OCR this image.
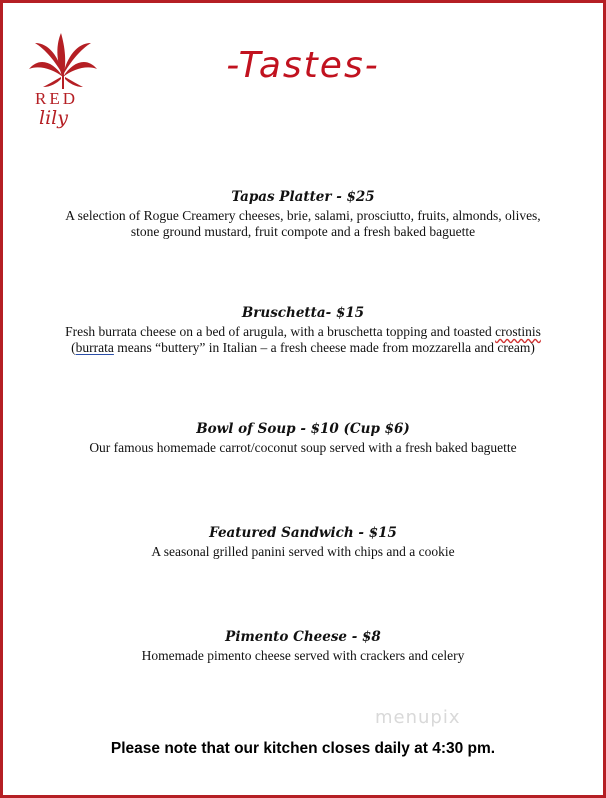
RED
lily
-Tastes-
Tapas Platter - $25
A selection of Rogue Creamery cheeses, brie, salami, prosciutto, fruits, almonds, olives,
stone ground mustard, fruit compote and a fresh baked baguette
Bruschetta- $15
Fresh burrata cheese on a bed of arugula, with a bruschetta topping and toasted crostinis
(burrata means “buttery” in Italian – a fresh cheese made from mozzarella and cream)
Bowl of Soup - $10 (Cup $6)
Our famous homemade carrot/coconut soup served with a fresh baked baguette
Featured Sandwich - $15
A seasonal grilled panini served with chips and a cookie
Pimento Cheese - $8
Homemade pimento cheese served with crackers and celery
menupix
Please note that our kitchen closes daily at 4:30 pm.
